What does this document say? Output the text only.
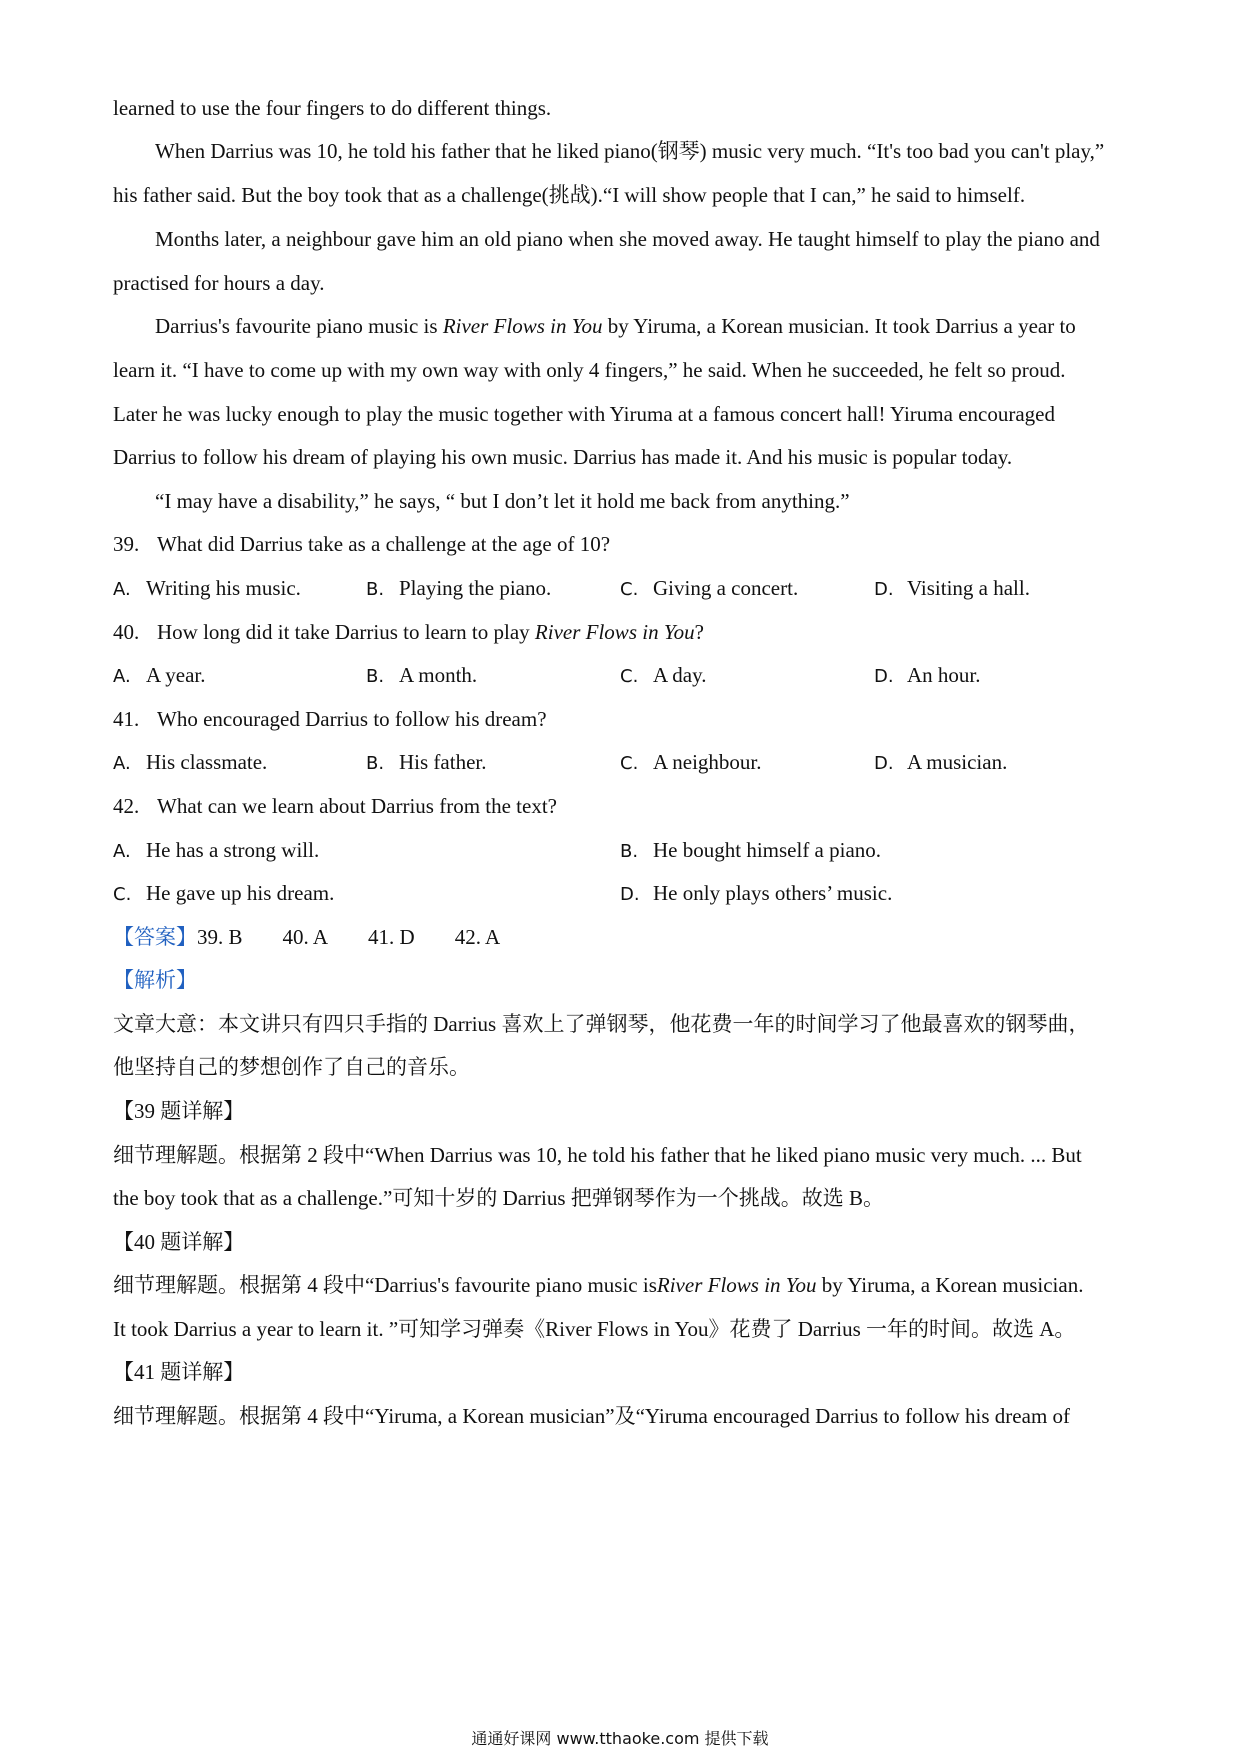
learned to use the four fingers to do different things.
When Darrius was 10, he told his father that he liked piano(钢琴) music very much. “It's too bad you can't play,”
his father said. But the boy took that as a challenge(挑战).“I will show people that I can,” he said to himself.
Months later, a neighbour gave him an old piano when she moved away. He taught himself to play the piano and
practised for hours a day.
Darrius's favourite piano music is River Flows in You by Yiruma, a Korean musician. It took Darrius a year to
learn it. “I have to come up with my own way with only 4 fingers,” he said. When he succeeded, he felt so proud.
Later he was lucky enough to play the music together with Yiruma at a famous concert hall! Yiruma encouraged
Darrius to follow his dream of playing his own music. Darrius has made it. And his music is popular today.
“I may have a disability,” he says, “ but I don’t let it hold me back from anything.”
39. What did Darrius take as a challenge at the age of 10?
A. Writing his music.	B. Playing the piano.	C. Giving a concert.	D. Visiting a hall.
40. How long did it take Darrius to learn to play River Flows in You?
A. A year.	B. A month.	C. A day.	D. An hour.
41. Who encouraged Darrius to follow his dream?
A. His classmate.	B. His father.	C. A neighbour.	D. A musician.
42. What can we learn about Darrius from the text?
A. He has a strong will.	B. He bought himself a piano.
C. He gave up his dream.	D. He only plays others’ music.
【答案】39. B 40. A 41. D 42. A
【解析】
文章大意：本文讲只有四只手指的 Darrius 喜欢上了弹钢琴，他花费一年的时间学习了他最喜欢的钢琴曲，
他坚持自己的梦想创作了自己的音乐。
【39 题详解】
细节理解题。根据第 2 段中“When Darrius was 10, he told his father that he liked piano music very much. ... But
the boy took that as a challenge.”可知十岁的 Darrius 把弹钢琴作为一个挑战。故选 B。
【40 题详解】
细节理解题。根据第 4 段中“Darrius's favourite piano music isRiver Flows in You by Yiruma, a Korean musician.
It took Darrius a year to learn it. ”可知学习弹奏《River Flows in You》花费了 Darrius 一年的时间。故选 A。
【41 题详解】
细节理解题。根据第 4 段中“Yiruma, a Korean musician”及“Yiruma encouraged Darrius to follow his dream of
通通好课网 www.tthaoke.com 提供下载
